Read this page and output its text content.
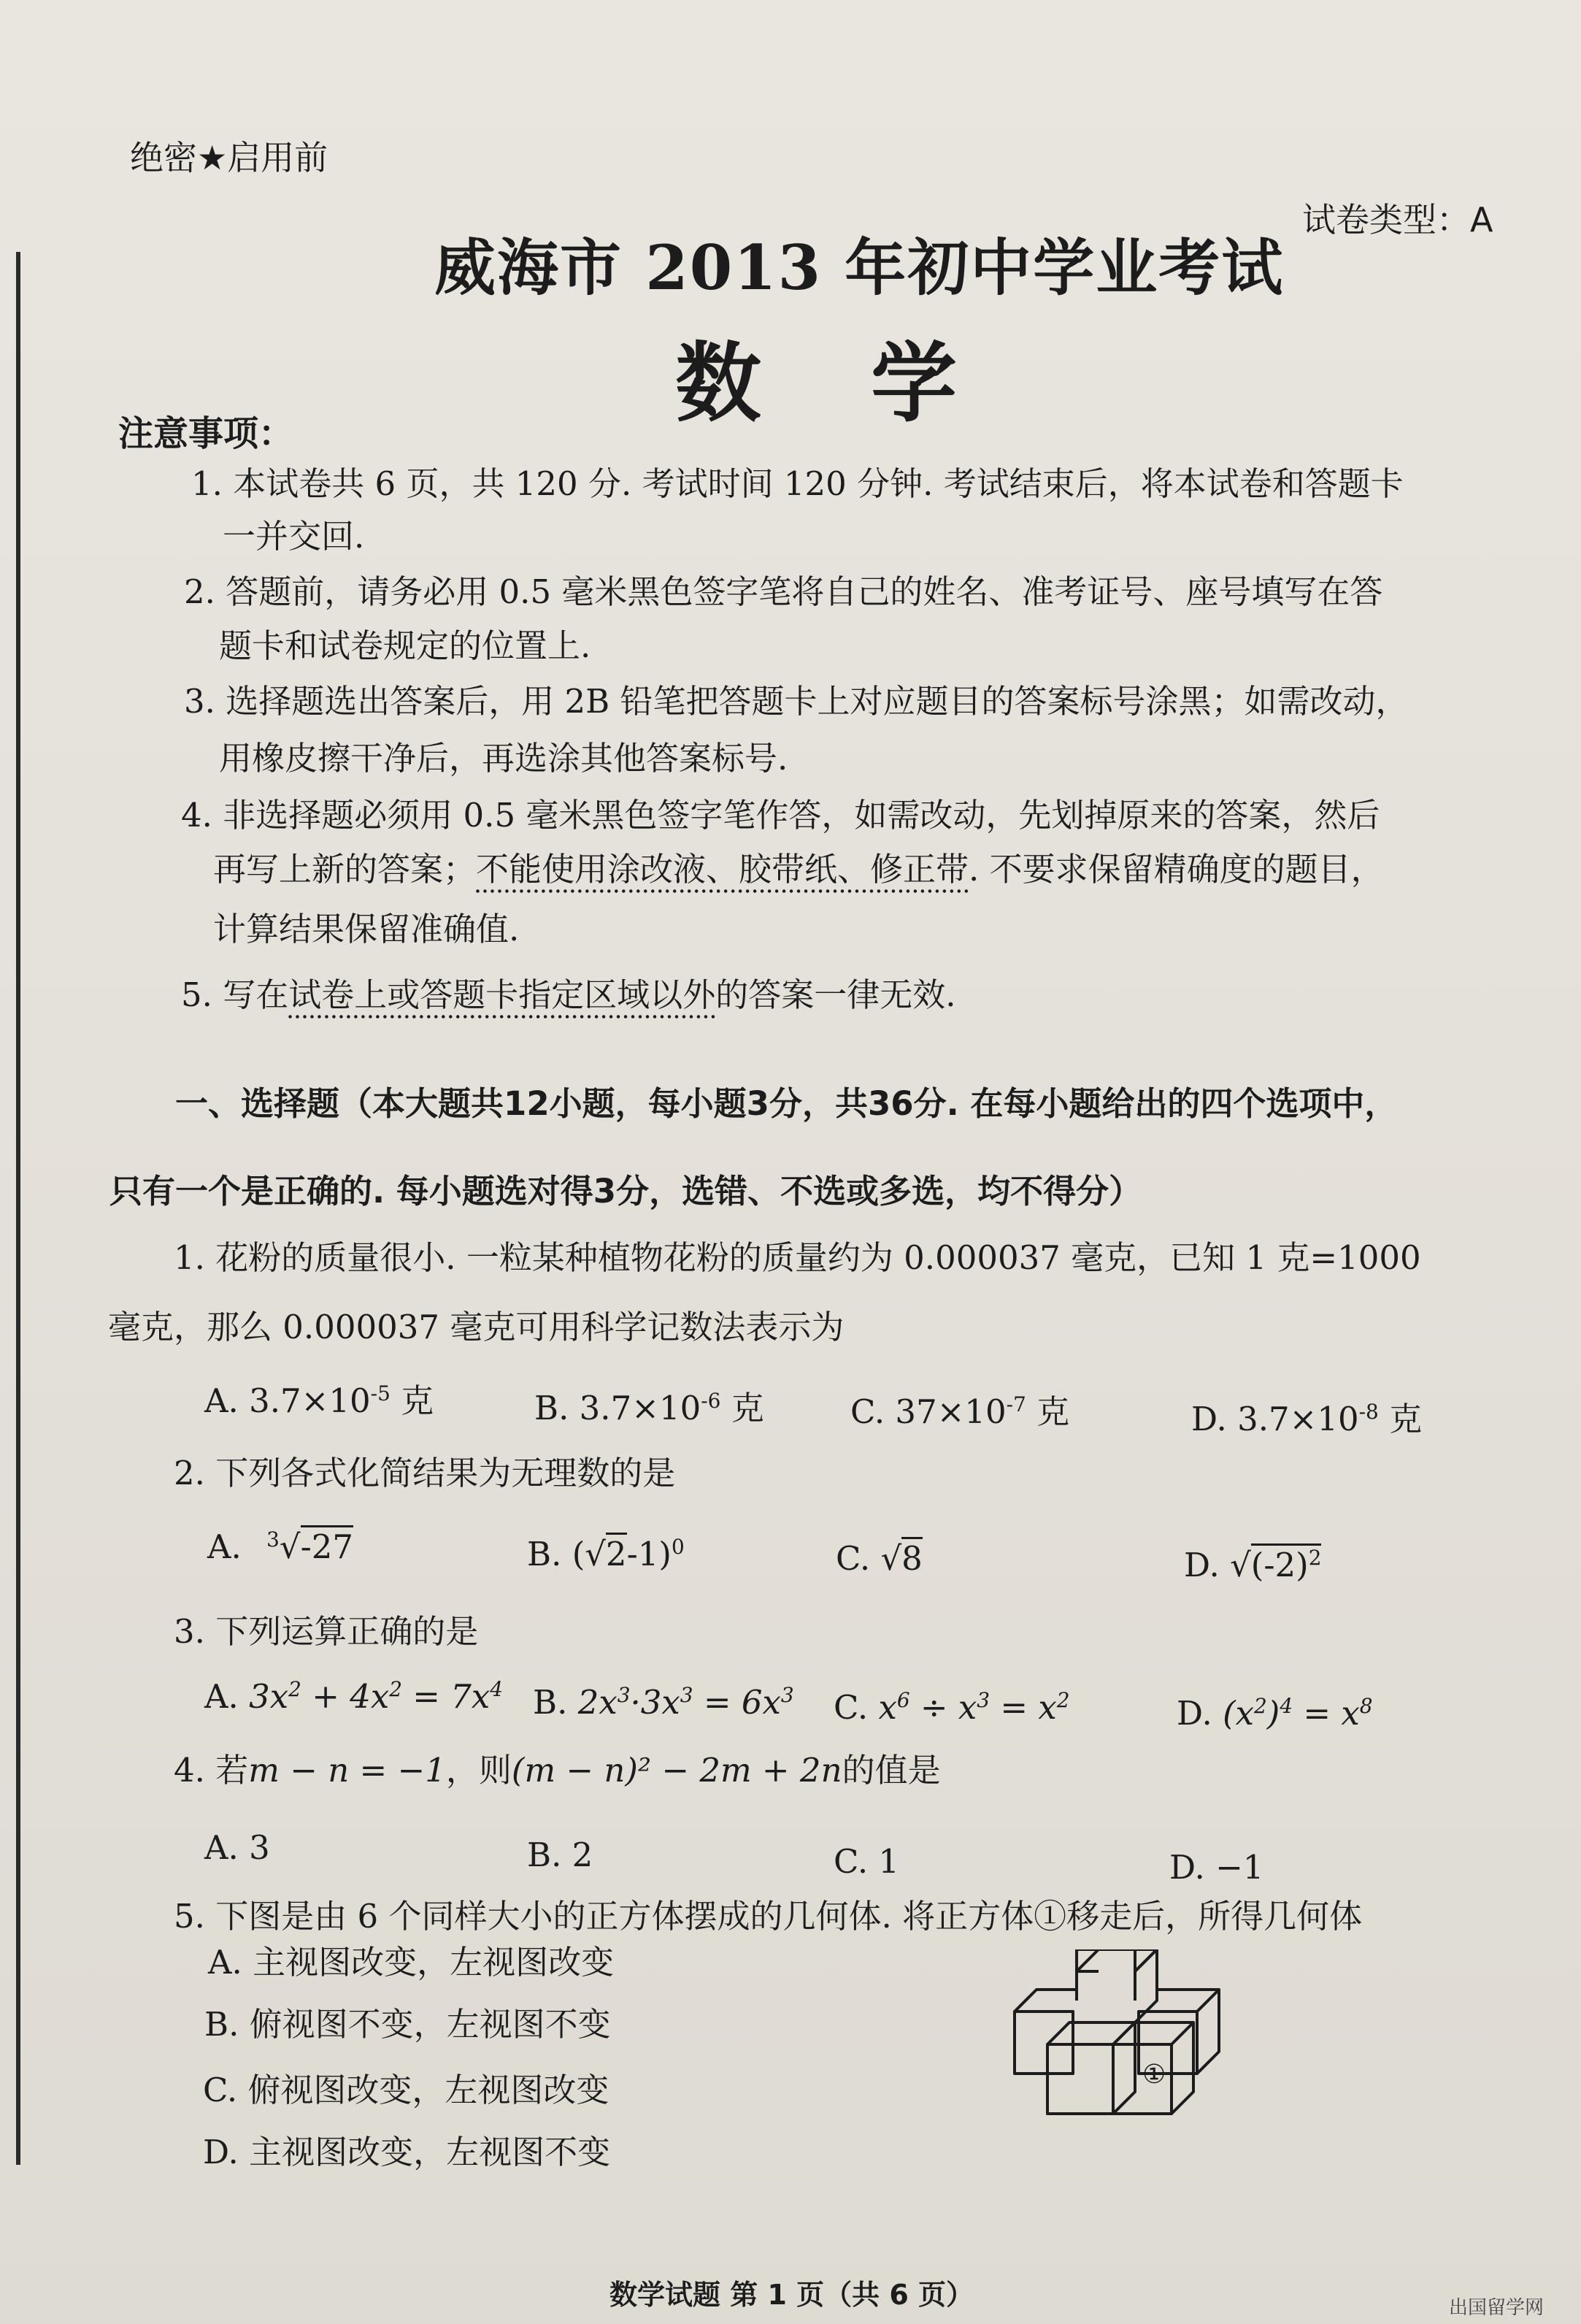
绝密★启用前
试卷类型：A
威海市 2013 年初中学业考试
数学
注意事项：
1. 本试卷共 6 页，共 120 分. 考试时间 120 分钟. 考试结束后，将本试卷和答题卡
一并交回.
2. 答题前，请务必用 0.5 毫米黑色签字笔将自己的姓名、准考证号、座号填写在答
题卡和试卷规定的位置上.
3. 选择题选出答案后，用 2B 铅笔把答题卡上对应题目的答案标号涂黑；如需改动，
用橡皮擦干净后，再选涂其他答案标号.
4. 非选择题必须用 0.5 毫米黑色签字笔作答，如需改动，先划掉原来的答案，然后
再写上新的答案；不能使用涂改液、胶带纸、修正带. 不要求保留精确度的题目，
计算结果保留准确值.
5. 写在试卷上或答题卡指定区域以外的答案一律无效.
一、选择题（本大题共12小题，每小题3分，共36分. 在每小题给出的四个选项中，
只有一个是正确的. 每小题选对得3分，选错、不选或多选，均不得分）
1. 花粉的质量很小. 一粒某种植物花粉的质量约为 0.000037 毫克，已知 1 克=1000
毫克，那么 0.000037 毫克可用科学记数法表示为
A. $3.7\times 10^{-5}$ 克	B. $3.7\times 10^{-6}$ 克	C. $37\times 10^{-7}$ 克	D. $3.7\times 10^{-8}$ 克
2. 下列各式化简结果为无理数的是
A. $^3$√-27	B. $(√2-1)^0$	C. √8	D. $√(-2)^2$
3. 下列运算正确的是
A. $3x^2 + 4x^2 = 7x^4$ B. $2x^3\cdot 3x^3 = 6x^3$ C. $x^6 \div x^3 = x^2$	D. $(x^2)^4 = x^8$
4. 若m − n = −1，则(m − n)² − 2m + 2n的值是
A. 3	B. 2	C. 1	D. −1
5. 下图是由 6 个同样大小的正方体摆成的几何体. 将正方体①移走后，所得几何体
A. 主视图改变，左视图改变
B. 俯视图不变，左视图不变
C. 俯视图改变，左视图改变
D. 主视图改变，左视图不变
①
数学试题 第 1 页（共 6 页）	出国留学网
